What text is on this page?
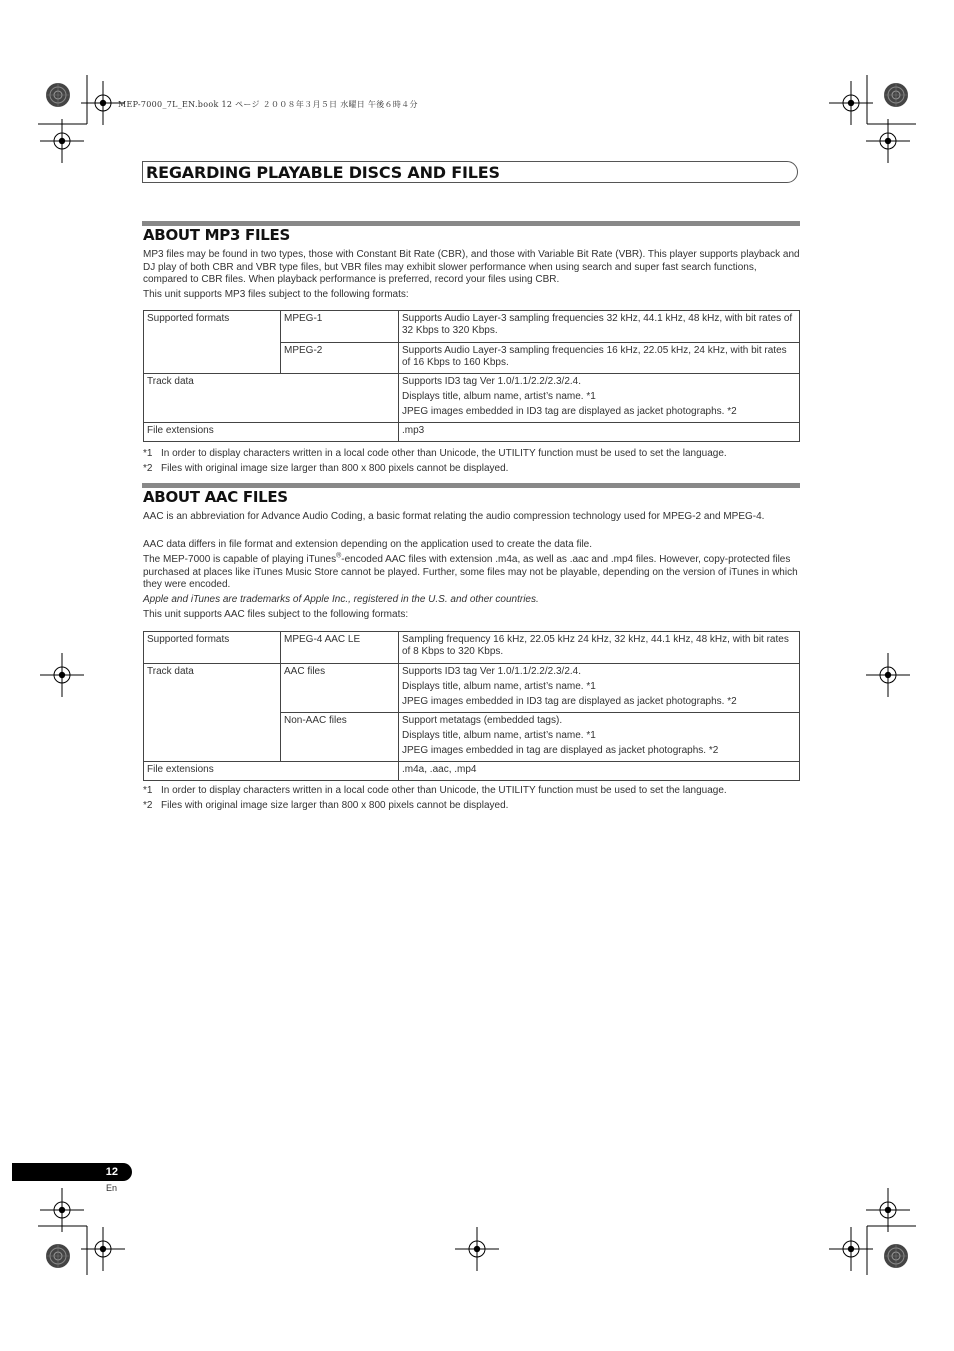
MEP-7000_7L_EN.book 12 ページ ２００８年３月５日 水曜日 午後６時４分
REGARDING PLAYABLE DISCS AND FILES
ABOUT MP3 FILES
MP3 files may be found in two types, those with Constant Bit Rate (CBR), and those with Variable Bit Rate (VBR). This player supports playback and DJ play of both CBR and VBR type files, but VBR files may exhibit slower performance when using search and super fast search functions, compared to CBR files. When playback performance is preferred, record your files using CBR.
This unit supports MP3 files subject to the following formats:
Supported formats	MPEG-1	Supports Audio Layer-3 sampling frequencies 32 kHz, 44.1 kHz, 48 kHz, with bit rates of 32 Kbps to 320 Kbps.
	MPEG-2	Supports Audio Layer-3 sampling frequencies 16 kHz, 22.05 kHz, 24 kHz, with bit rates of 16 Kbps to 160 Kbps.
Track data		Supports ID3 tag Ver 1.0/1.1/2.2/2.3/2.4.

Displays title, album name, artist’s name. *1

JPEG images embedded in ID3 tag are displayed as jacket photographs. *2

File extensions		.mp3
*1 In order to display characters written in a local code other than Unicode, the UTILITY function must be used to set the language.
*2 Files with original image size larger than 800 x 800 pixels cannot be displayed.
ABOUT AAC FILES
AAC is an abbreviation for Advance Audio Coding, a basic format relating the audio compression technology used for MPEG-2 and MPEG-4.
AAC data differs in file format and extension depending on the application used to create the data file.
The MEP-7000 is capable of playing iTunes®-encoded AAC files with extension .m4a, as well as .aac and .mp4 files. However, copy-protected files purchased at places like iTunes Music Store cannot be played. Further, some files may not be playable, depending on the version of iTunes in which they were encoded.
Apple and iTunes are trademarks of Apple Inc., registered in the U.S. and other countries.
This unit supports AAC files subject to the following formats:
Supported formats	MPEG-4 AAC LE	Sampling frequency 16 kHz, 22.05 kHz 24 kHz, 32 kHz, 44.1 kHz, 48 kHz, with bit rates of 8 Kbps to 320 Kbps.
Track data	AAC files	Supports ID3 tag Ver 1.0/1.1/2.2/2.3/2.4.

Displays title, album name, artist’s name. *1

JPEG images embedded in ID3 tag are displayed as jacket photographs. *2

	Non-AAC files	Support metatags (embedded tags).

Displays title, album name, artist’s name. *1

JPEG images embedded in tag are displayed as jacket photographs. *2

File extensions		.m4a, .aac, .mp4
*1 In order to display characters written in a local code other than Unicode, the UTILITY function must be used to set the language.
*2 Files with original image size larger than 800 x 800 pixels cannot be displayed.
12
En
